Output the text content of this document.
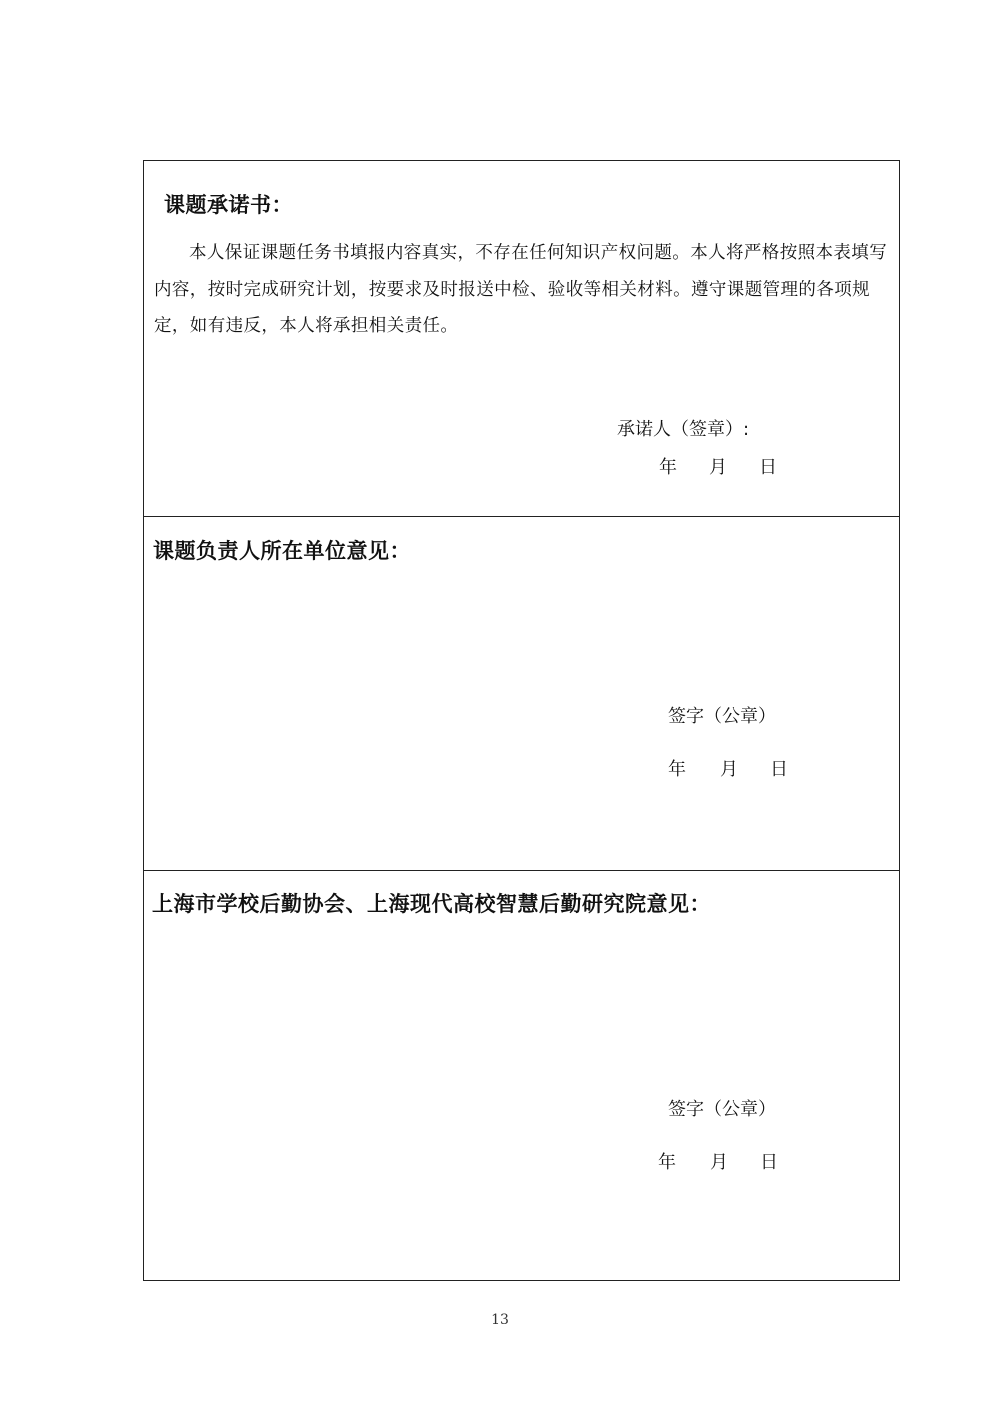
课题承诺书：
本人保证课题任务书填报内容真实，不存在任何知识产权问题。本人将严格按照本表填写内容，按时完成研究计划，按要求及时报送中检、验收等相关材料。遵守课题管理的各项规定，如有违反，本人将承担相关责任。
承诺人（签章）:
年 月 日
课题负责人所在单位意见：
签字（公章）
年 月 日
上海市学校后勤协会、上海现代高校智慧后勤研究院意见：
签字（公章）
年 月 日
13
